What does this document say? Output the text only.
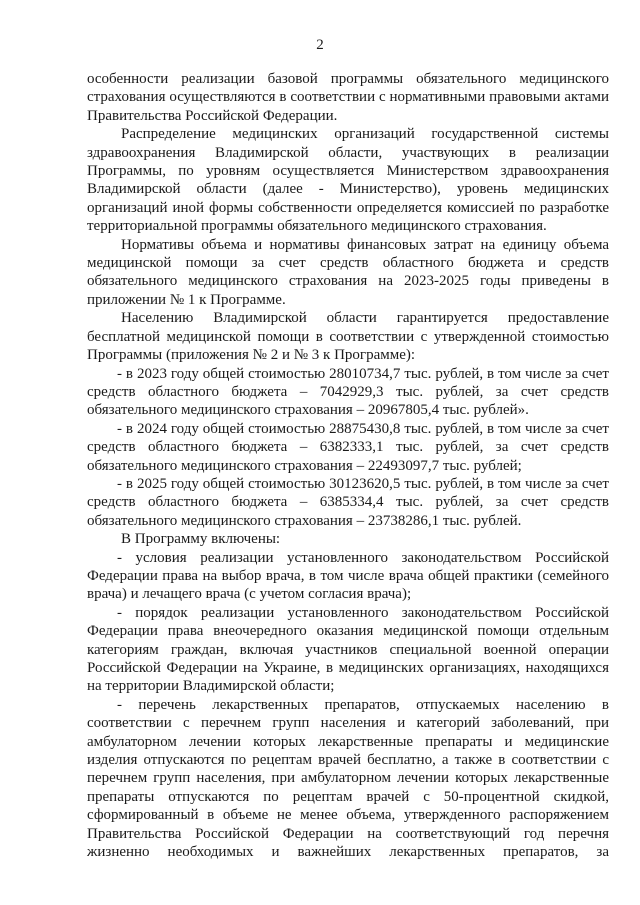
2

особенности реализации базовой программы обязательного медицинского страхования осуществляются в соответствии с нормативными правовыми актами Правительства Российской Федерации.

Распределение медицинских организаций государственной системы здравоохранения Владимирской области, участвующих в реализации Программы, по уровням осуществляется Министерством здравоохранения Владимирской области (далее - Министерство), уровень медицинских организаций иной формы собственности определяется комиссией по разработке территориальной программы обязательного медицинского страхования.

Нормативы объема и нормативы финансовых затрат на единицу объема медицинской помощи за счет средств областного бюджета и средств обязательного медицинского страхования на 2023-2025 годы приведены в приложении № 1 к Программе.

Населению Владимирской области гарантируется предоставление бесплатной медицинской помощи в соответствии с утвержденной стоимостью Программы (приложения № 2 и № 3 к Программе):

- в 2023 году общей стоимостью 28010734,7 тыс. рублей, в том числе за счет средств областного бюджета – 7042929,3 тыс. рублей, за счет средств обязательного медицинского страхования – 20967805,4 тыс. рублей».

- в 2024 году общей стоимостью 28875430,8 тыс. рублей, в том числе за счет средств областного бюджета – 6382333,1 тыс. рублей, за счет средств обязательного медицинского страхования – 22493097,7 тыс. рублей;

- в 2025 году общей стоимостью 30123620,5 тыс. рублей, в том числе за счет средств областного бюджета – 6385334,4 тыс. рублей, за счет средств обязательного медицинского страхования – 23738286,1 тыс. рублей.

В Программу включены:

- условия реализации установленного законодательством Российской Федерации права на выбор врача, в том числе врача общей практики (семейного врача) и лечащего врача (с учетом согласия врача);

- порядок реализации установленного законодательством Российской Федерации права внеочередного оказания медицинской помощи отдельным категориям граждан, включая участников специальной военной операции Российской Федерации на Украине, в медицинских организациях, находящихся на территории Владимирской области;

- перечень лекарственных препаратов, отпускаемых населению в соответствии с перечнем групп населения и категорий заболеваний, при амбулаторном лечении которых лекарственные препараты и медицинские изделия отпускаются по рецептам врачей бесплатно, а также в соответствии с перечнем групп населения, при амбулаторном лечении которых лекарственные препараты отпускаются по рецептам врачей с 50-процентной скидкой, сформированный в объеме не менее объема, утвержденного распоряжением Правительства Российской Федерации на соответствующий год перечня жизненно необходимых и важнейших лекарственных препаратов, за
